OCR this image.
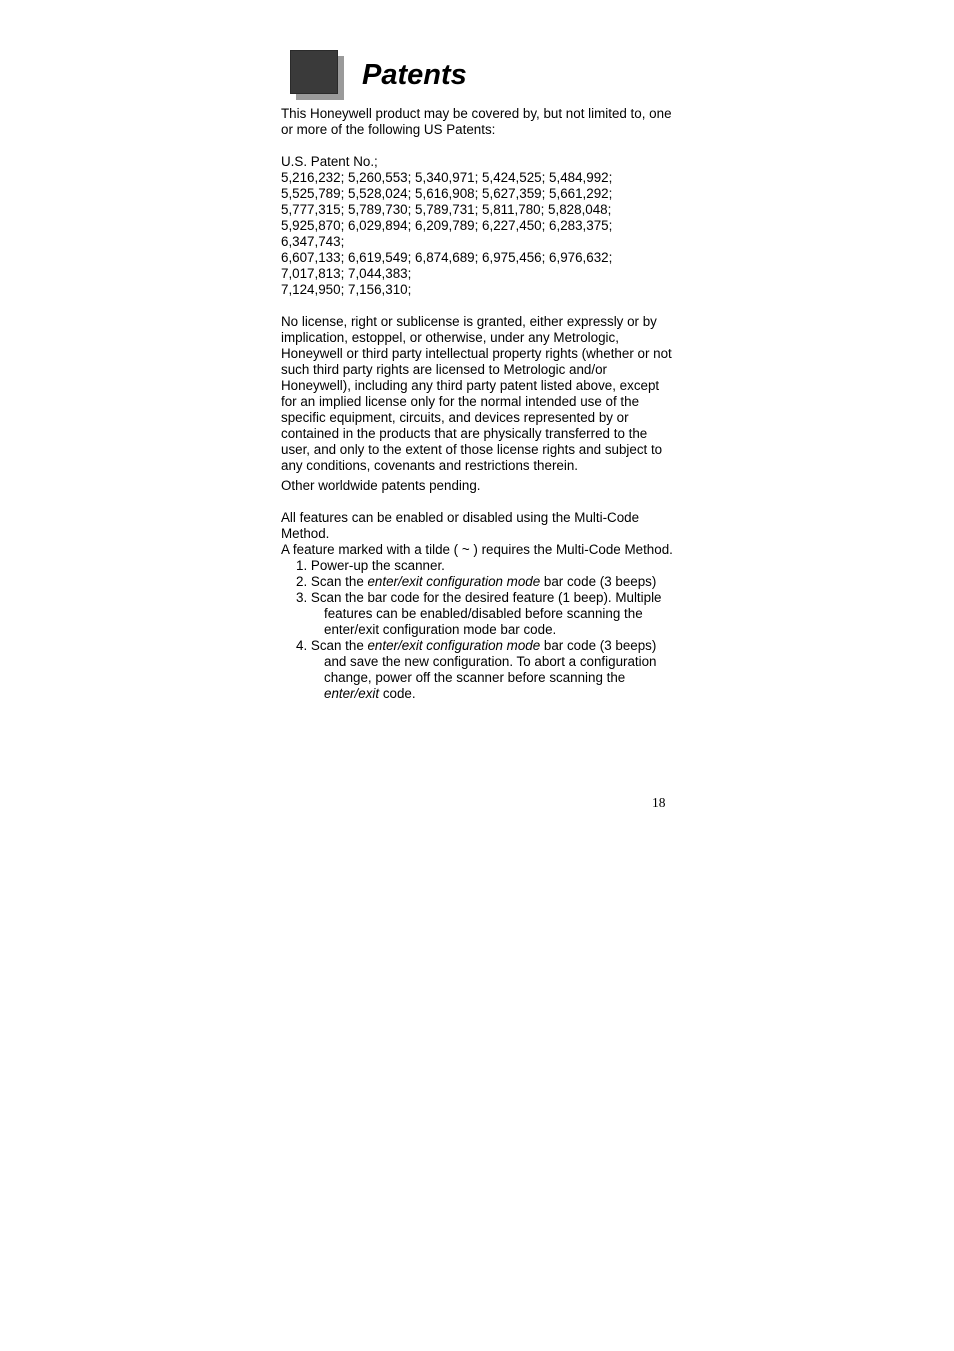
Patents

This Honeywell product may be covered by, but not limited to, one or more of the following US Patents:

U.S. Patent No.;

5,216,232; 5,260,553; 5,340,971; 5,424,525; 5,484,992;

5,525,789; 5,528,024; 5,616,908; 5,627,359; 5,661,292;

5,777,315; 5,789,730; 5,789,731; 5,811,780; 5,828,048;

5,925,870; 6,029,894; 6,209,789; 6,227,450; 6,283,375;

6,347,743;

6,607,133; 6,619,549; 6,874,689; 6,975,456; 6,976,632;

7,017,813; 7,044,383;

7,124,950; 7,156,310;

No license, right or sublicense is granted, either expressly or by implication, estoppel, or otherwise, under any Metrologic, Honeywell or third party intellectual property rights (whether or not such third party rights are licensed to Metrologic and/or Honeywell), including any third party patent listed above, except for an implied license only for the normal intended use of the specific equipment, circuits, and devices represented by or contained in the products that are physically transferred to the user, and only to the extent of those license rights and subject to any conditions, covenants and restrictions therein.

Other worldwide patents pending.

All features can be enabled or disabled using the Multi-Code Method.

A feature marked with a tilde ( ~ ) requires the Multi-Code Method.

1. Power-up the scanner.
2. Scan the enter/exit configuration mode bar code (3 beeps)
3. Scan the bar code for the desired feature (1 beep). Multiple features can be enabled/disabled before scanning the enter/exit configuration mode bar code.
4. Scan the enter/exit configuration mode bar code (3 beeps) and save the new configuration. To abort a configuration change, power off the scanner before scanning the enter/exit code.
18
